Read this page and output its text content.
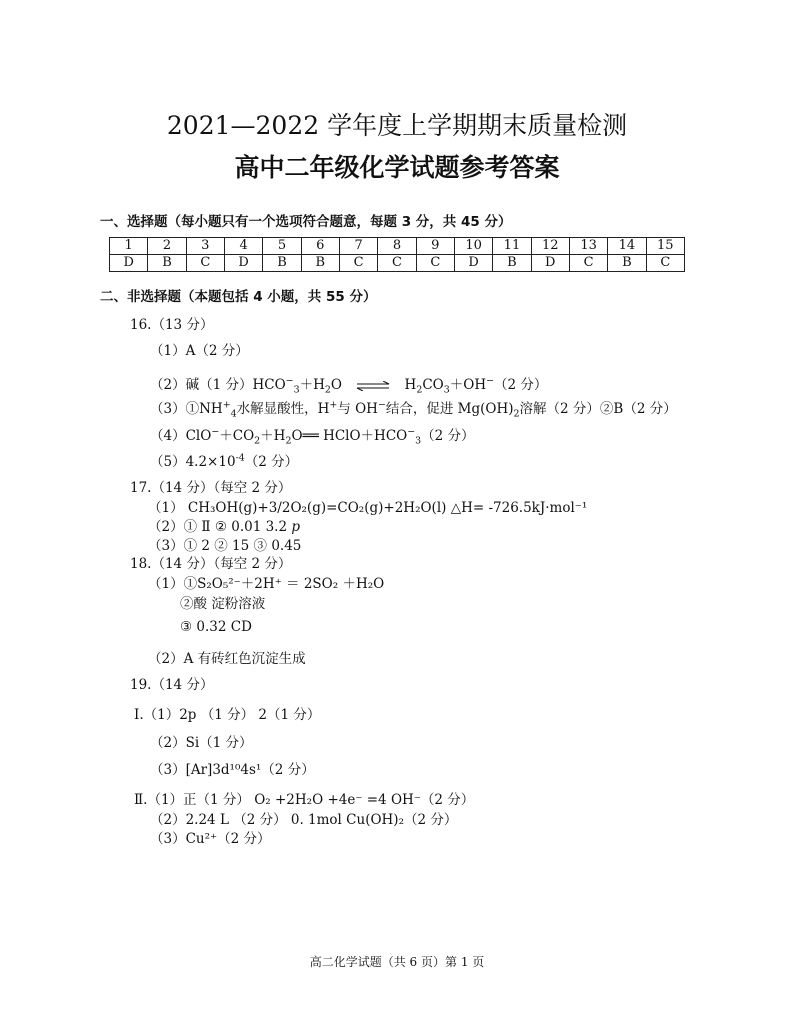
2021—2022 学年度上学期期末质量检测
高中二年级化学试题参考答案
一、选择题（每小题只有一个选项符合题意，每题 3 分，共 45 分）
1	2	3	4	5	6	7	8	9	10	11	12	13	14	15
D	B	C	D	B	B	C	C	C	D	B	D	C	B	C
二、非选择题（本题包括 4 小题，共 55 分）
16.（13 分）
（1）A（2 分）
（2）碱（1 分）$HCO^-_3+H_2O$ ⇌ $H_2CO_3+OH^-(2$ 分）
$(3)①NH^+_4$水解显酸性，H+与 OH−结合，促进 $Mg(OH)_2$溶解（2 分）②B（2 分）
$(4)ClO^-+CO_2+H_2O══$ $HClO+HCO^-_3(2$ 分）
$(5)4.2\times 10^{-4}(2$ 分）
17.（14 分）（每空 2 分）
（1） CH₃OH(g)+3/2O₂(g)=CO₂(g)+2H₂O(l) △H= -726.5kJ·mol⁻¹
（2）① Ⅱ ② 0.01 3.2 p
（3）① 2 ② 15 ③ 0.45
18.（14 分）（每空 2 分）
（1）①S₂O₅²⁻＋2H⁺ ＝ 2SO₂ ＋H₂O
②酸 淀粉溶液
③ 0.32 CD
（2）A 有砖红色沉淀生成
19.（14 分）
Ⅰ.（1）2p （1 分） 2（1 分）
（2）Si（1 分）
（3）[Ar]3d¹⁰4s¹（2 分）
Ⅱ.（1）正（1 分） O₂ +2H₂O +4e⁻ =4 OH⁻（2 分）
（2）2.24 L （2 分） 0. 1mol Cu(OH)₂（2 分）
（3）Cu²⁺（2 分）
高二化学试题（共 6 页）第 1 页
